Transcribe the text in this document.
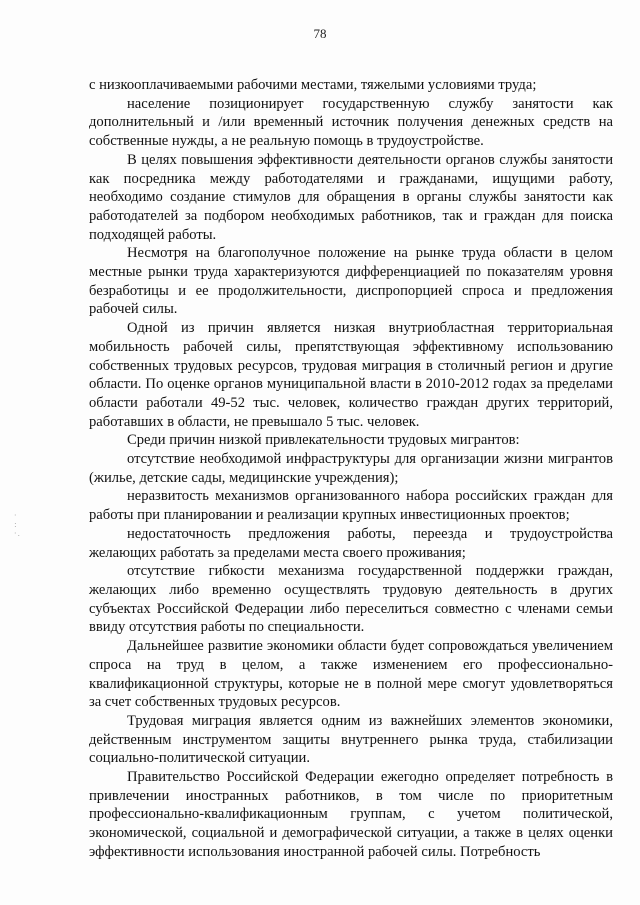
78
·
:
·.

с низкооплачиваемыми рабочими местами, тяжелыми условиями труда;

население позиционирует государственную службу занятости как дополнительный и /или временный источник получения денежных средств на собственные нужды, а не реальную помощь в трудоустройстве.

В целях повышения эффективности деятельности органов службы занятости как посредника между работодателями и гражданами, ищущими работу, необходимо создание стимулов для обращения в органы службы занятости как работодателей за подбором необходимых работников, так и граждан для поиска подходящей работы.

Несмотря на благополучное положение на рынке труда области в целом местные рынки труда характеризуются дифференциацией по показателям уровня безработицы и ее продолжительности, диспропорцией спроса и предложения рабочей силы.

Одной из причин является низкая внутриобластная территориальная мобильность рабочей силы, препятствующая эффективному использованию собственных трудовых ресурсов, трудовая миграция в столичный регион и другие области. По оценке органов муниципальной власти в 2010-2012 годах за пределами области работали 49-52 тыс. человек, количество граждан других территорий, работавших в области, не превышало 5 тыс. человек.

Среди причин низкой привлекательности трудовых мигрантов:

отсутствие необходимой инфраструктуры для организации жизни мигрантов (жилье, детские сады, медицинские учреждения);

неразвитость механизмов организованного набора российских граждан для работы при планировании и реализации крупных инвестиционных проектов;

недостаточность предложения работы, переезда и трудоустройства желающих работать за пределами места своего проживания;

отсутствие гибкости механизма государственной поддержки граждан, желающих либо временно осуществлять трудовую деятельность в других субъектах Российской Федерации либо переселиться совместно с членами семьи ввиду отсутствия работы по специальности.

Дальнейшее развитие экономики области будет сопровождаться увеличением спроса на труд в целом, а также изменением его профессионально-квалификационной структуры, которые не в полной мере смогут удовлетворяться за счет собственных трудовых ресурсов.

Трудовая миграция является одним из важнейших элементов экономики, действенным инструментом защиты внутреннего рынка труда, стабилизации социально-политической ситуации.

Правительство Российской Федерации ежегодно определяет потребность в привлечении иностранных работников, в том числе по приоритетным профессионально-квалификационным группам, с учетом политической, экономической, социальной и демографической ситуации, а также в целях оценки эффективности использования иностранной рабочей силы. Потребность
